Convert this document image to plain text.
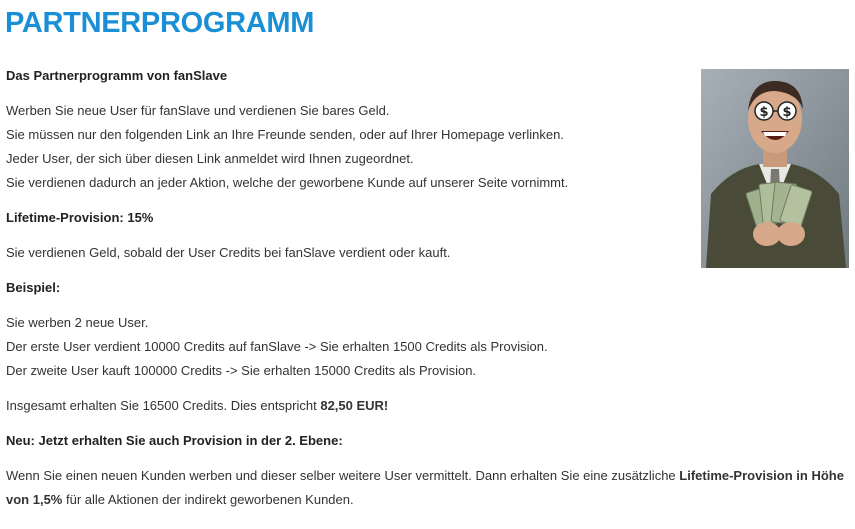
PARTNERPROGRAMM
$ $

Das Partnerprogramm von fanSlave

Werben Sie neue User für fanSlave und verdienen Sie bares Geld.

Sie müssen nur den folgenden Link an Ihre Freunde senden, oder auf Ihrer Homepage verlinken.

Jeder User, der sich über diesen Link anmeldet wird Ihnen zugeordnet.

Sie verdienen dadurch an jeder Aktion, welche der geworbene Kunde auf unserer Seite vornimmt.

Lifetime-Provision: 15%

Sie verdienen Geld, sobald der User Credits bei fanSlave verdient oder kauft.

Beispiel:

Sie werben 2 neue User.

Der erste User verdient 10000 Credits auf fanSlave -> Sie erhalten 1500 Credits als Provision.

Der zweite User kauft 100000 Credits -> Sie erhalten 15000 Credits als Provision.

Insgesamt erhalten Sie 16500 Credits. Dies entspricht 82,50 EUR!

Neu: Jetzt erhalten Sie auch Provision in der 2. Ebene:

Wenn Sie einen neuen Kunden werben und dieser selber weitere User vermittelt. Dann erhalten Sie eine zusätzliche Lifetime-Provision in Höhe von 1,5% für alle Aktionen der indirekt geworbenen Kunden.
